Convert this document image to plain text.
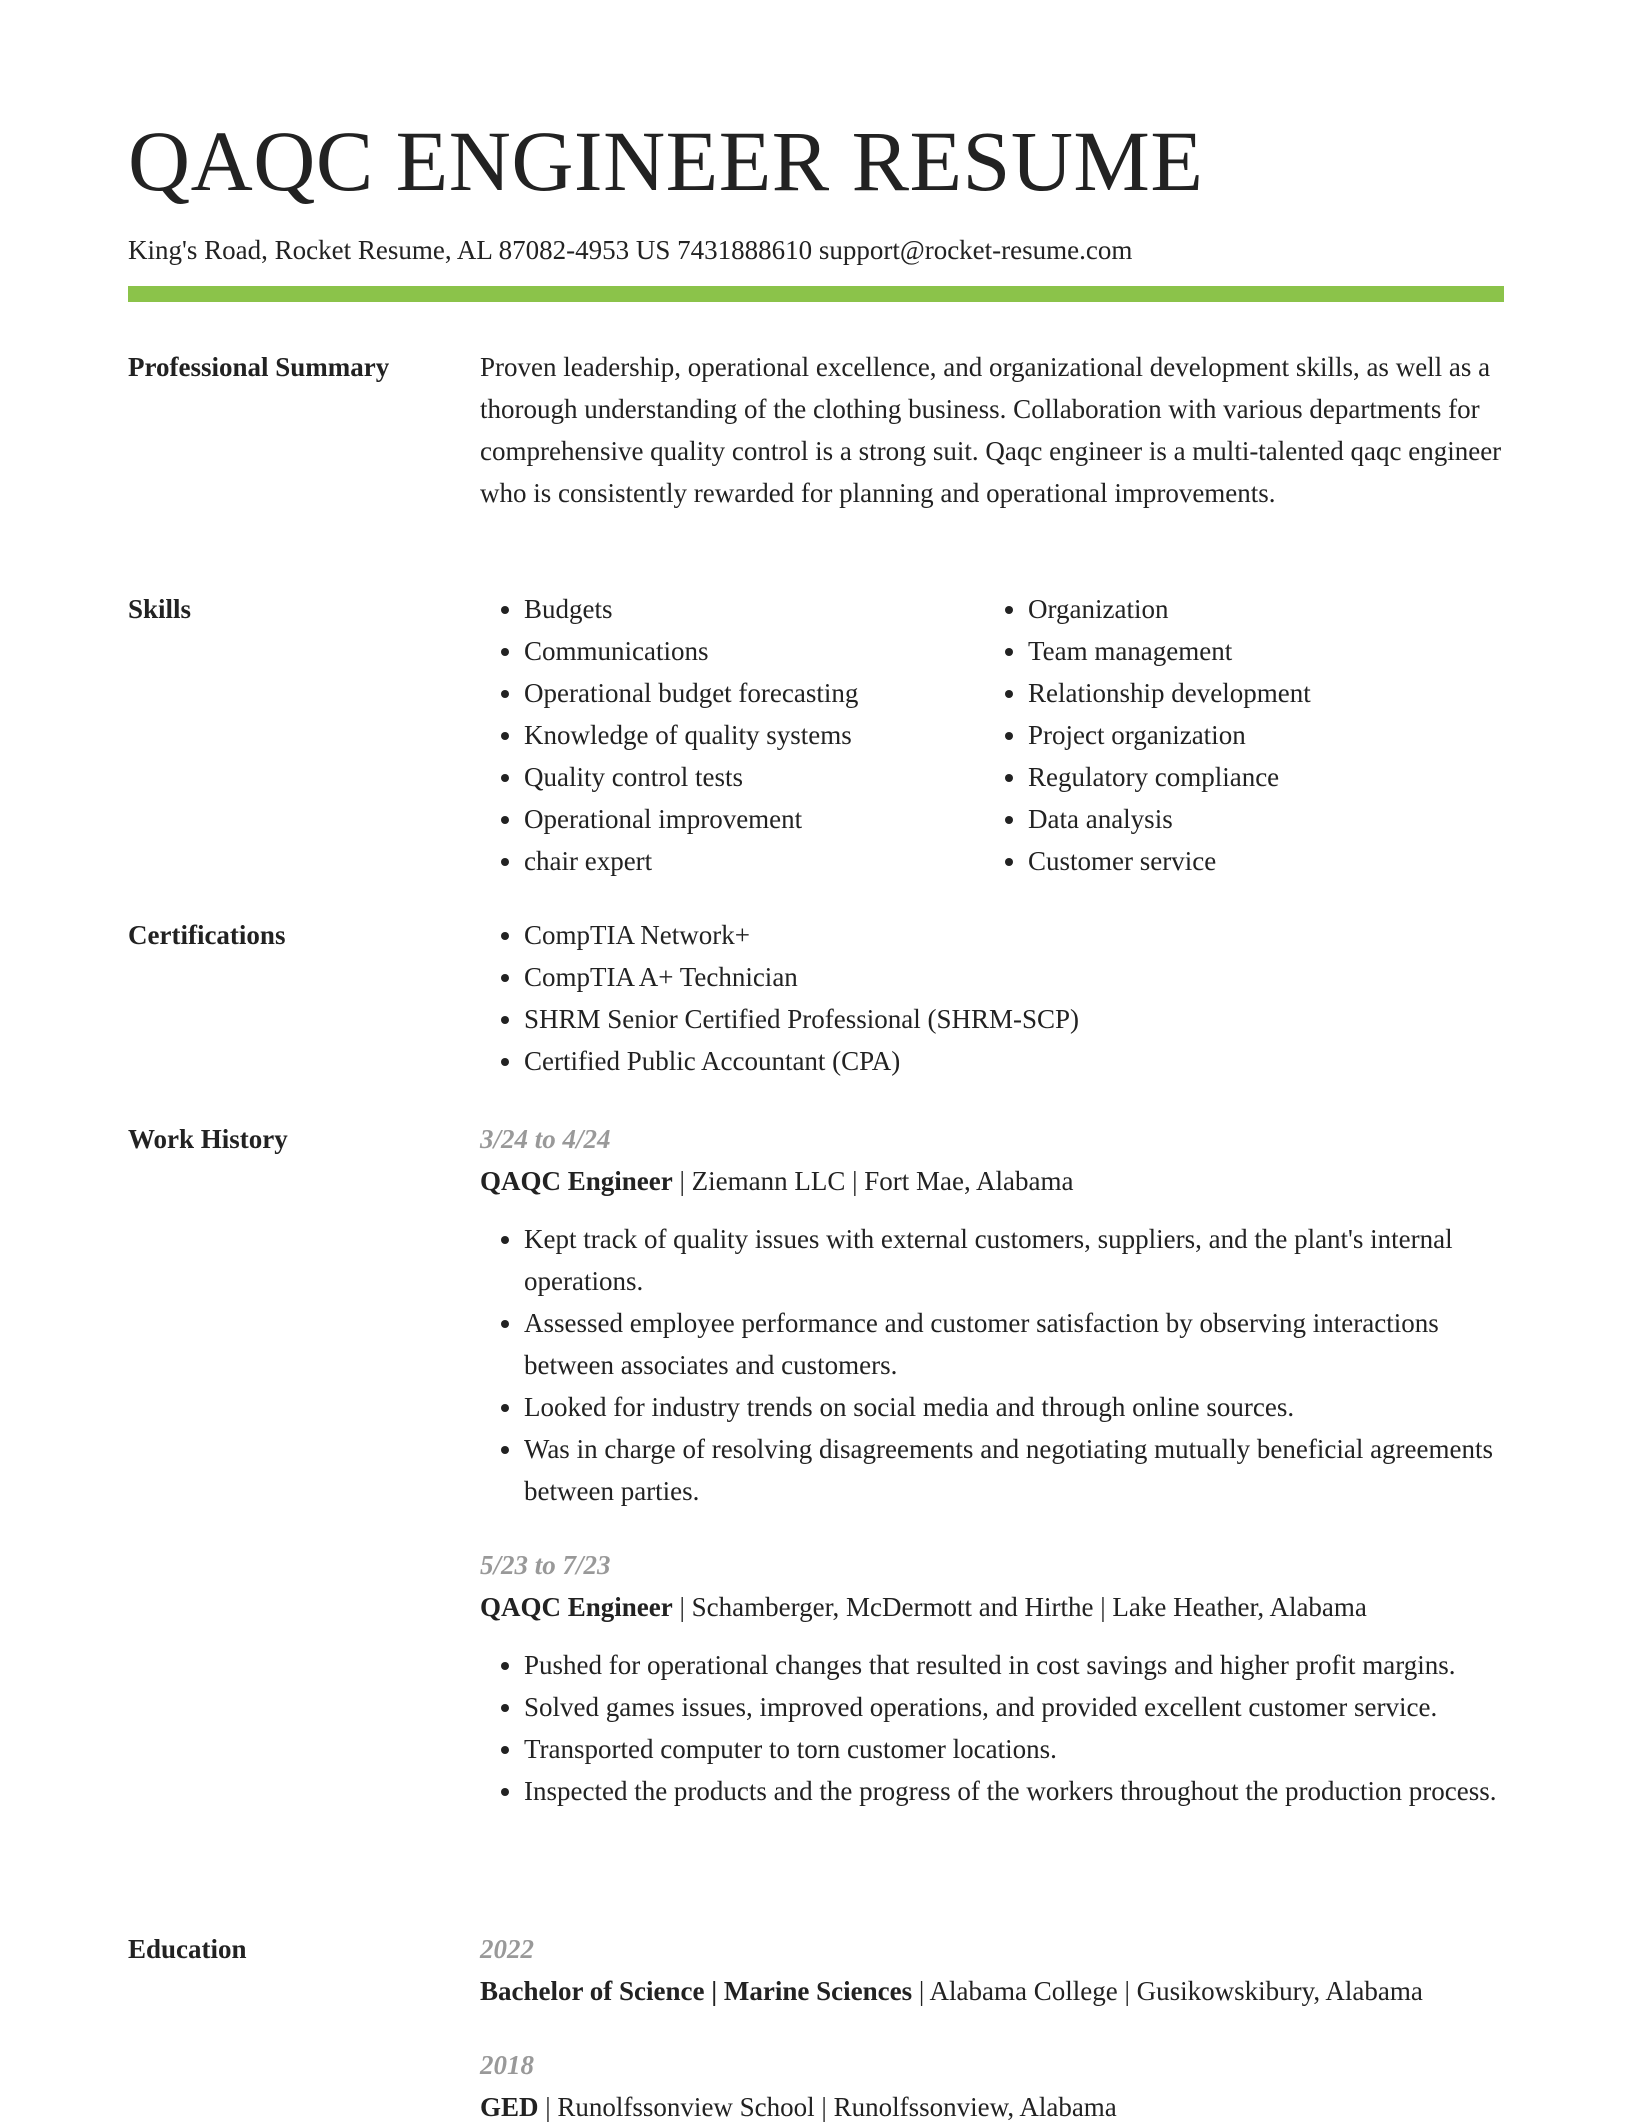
QAQC ENGINEER RESUME
King's Road, Rocket Resume, AL 87082-4953 US 7431888610 support@rocket-resume.com
Professional Summary	Proven leadership, operational excellence, and organizational development skills, as well as a thorough understanding of the clothing business. Collaboration with various departments for comprehensive quality control is a strong suit. Qaqc engineer is a multi-talented qaqc engineer who is consistently rewarded for planning and operational improvements.

Skills	• Budgets
• Communications
• Operational budget forecasting
• Knowledge of quality systems
• Quality control tests
• Operational improvement
• chair expert
• Organization
• Team management
• Relationship development
• Project organization
• Regulatory compliance
• Data analysis
• Customer service
Certifications	• CompTIA Network+
• CompTIA A+ Technician
• SHRM Senior Certified Professional (SHRM-SCP)
• Certified Public Accountant (CPA)
Work History	3/24 to 4/24
QAQC Engineer | Ziemann LLC | Fort Mae, Alabama
• Kept track of quality issues with external customers, suppliers, and the plant's internal operations.
• Assessed employee performance and customer satisfaction by observing interactions between associates and customers.
• Looked for industry trends on social media and through online sources.
• Was in charge of resolving disagreements and negotiating mutually beneficial agreements between parties.
5/23 to 7/23
QAQC Engineer | Schamberger, McDermott and Hirthe | Lake Heather, Alabama
• Pushed for operational changes that resulted in cost savings and higher profit margins.
• Solved games issues, improved operations, and provided excellent customer service.
• Transported computer to torn customer locations.
• Inspected the products and the progress of the workers throughout the production process.
Education	2022
Bachelor of Science | Marine Sciences | Alabama College | Gusikowskibury, Alabama
2018
GED | Runolfssonview School | Runolfssonview, Alabama
